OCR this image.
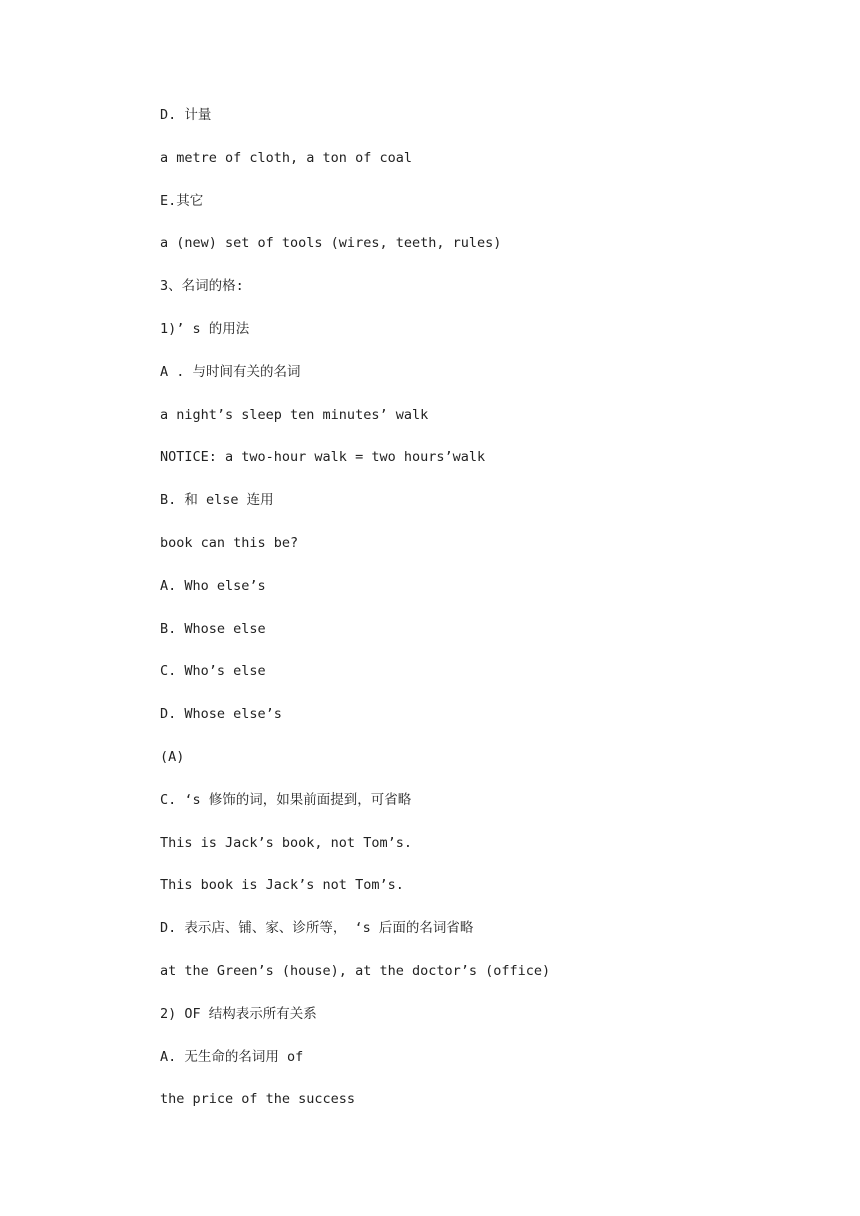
D. 计量
a metre of cloth, a ton of coal
E.其它
a (new) set of tools (wires, teeth, rules)
3、名词的格:
1)’ s 的用法
A . 与时间有关的名词
a night’s sleep ten minutes’ walk
NOTICE: a two-hour walk = two hours’walk
B. 和 else 连用
book can this be?
A. Who else’s
B. Whose else
C. Who’s else
D. Whose else’s
(A)
C. ‘s 修饰的词，如果前面提到，可省略
This is Jack’s book, not Tom’s.
This book is Jack’s not Tom’s.
D. 表示店、铺、家、诊所等， ‘s 后面的名词省略
at the Green’s (house), at the doctor’s (office)
2) OF 结构表示所有关系
A. 无生命的名词用 of
the price of the success
